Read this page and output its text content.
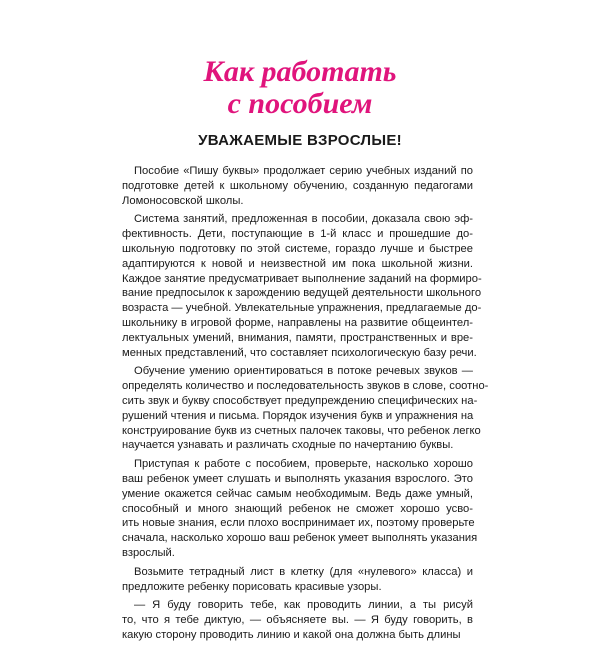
Как работать
с пособием
УВАЖАЕМЫЕ ВЗРОСЛЫЕ!
Пособие «Пишу буквы» продолжает серию учебных изданий по
подготовке детей к школьному обучению, созданную педагогами
Ломоносовской школы.
Система занятий, предложенная в пособии, доказала свою эф-
фективность. Дети, поступающие в 1-й класс и прошедшие до-
школьную подготовку по этой системе, гораздо лучше и быстрее
адаптируются к новой и неизвестной им пока школьной жизни.
Каждое занятие предусматривает выполнение заданий на формиро-
вание предпосылок к зарождению ведущей деятельности школьного
возраста — учебной. Увлекательные упражнения, предлагаемые до-
школьнику в игровой форме, направлены на развитие общеинтел-
лектуальных умений, внимания, памяти, пространственных и вре-
менных представлений, что составляет психологическую базу речи.
Обучение умению ориентироваться в потоке речевых звуков —
определять количество и последовательность звуков в слове, соотно-
сить звук и букву способствует предупреждению специфических на-
рушений чтения и письма. Порядок изучения букв и упражнения на
конструирование букв из счетных палочек таковы, что ребенок легко
научается узнавать и различать сходные по начертанию буквы.
Приступая к работе с пособием, проверьте, насколько хорошо
ваш ребенок умеет слушать и выполнять указания взрослого. Это
умение окажется сейчас самым необходимым. Ведь даже умный,
способный и много знающий ребенок не сможет хорошо усво-
ить новые знания, если плохо воспринимает их, поэтому проверьте
сначала, насколько хорошо ваш ребенок умеет выполнять указания
взрослый.
Возьмите тетрадный лист в клетку (для «нулевого» класса) и
предложите ребенку порисовать красивые узоры.
— Я буду говорить тебе, как проводить линии, а ты рисуй
то, что я тебе диктую, — объясняете вы. — Я буду говорить, в
какую сторону проводить линию и какой она должна быть длины
